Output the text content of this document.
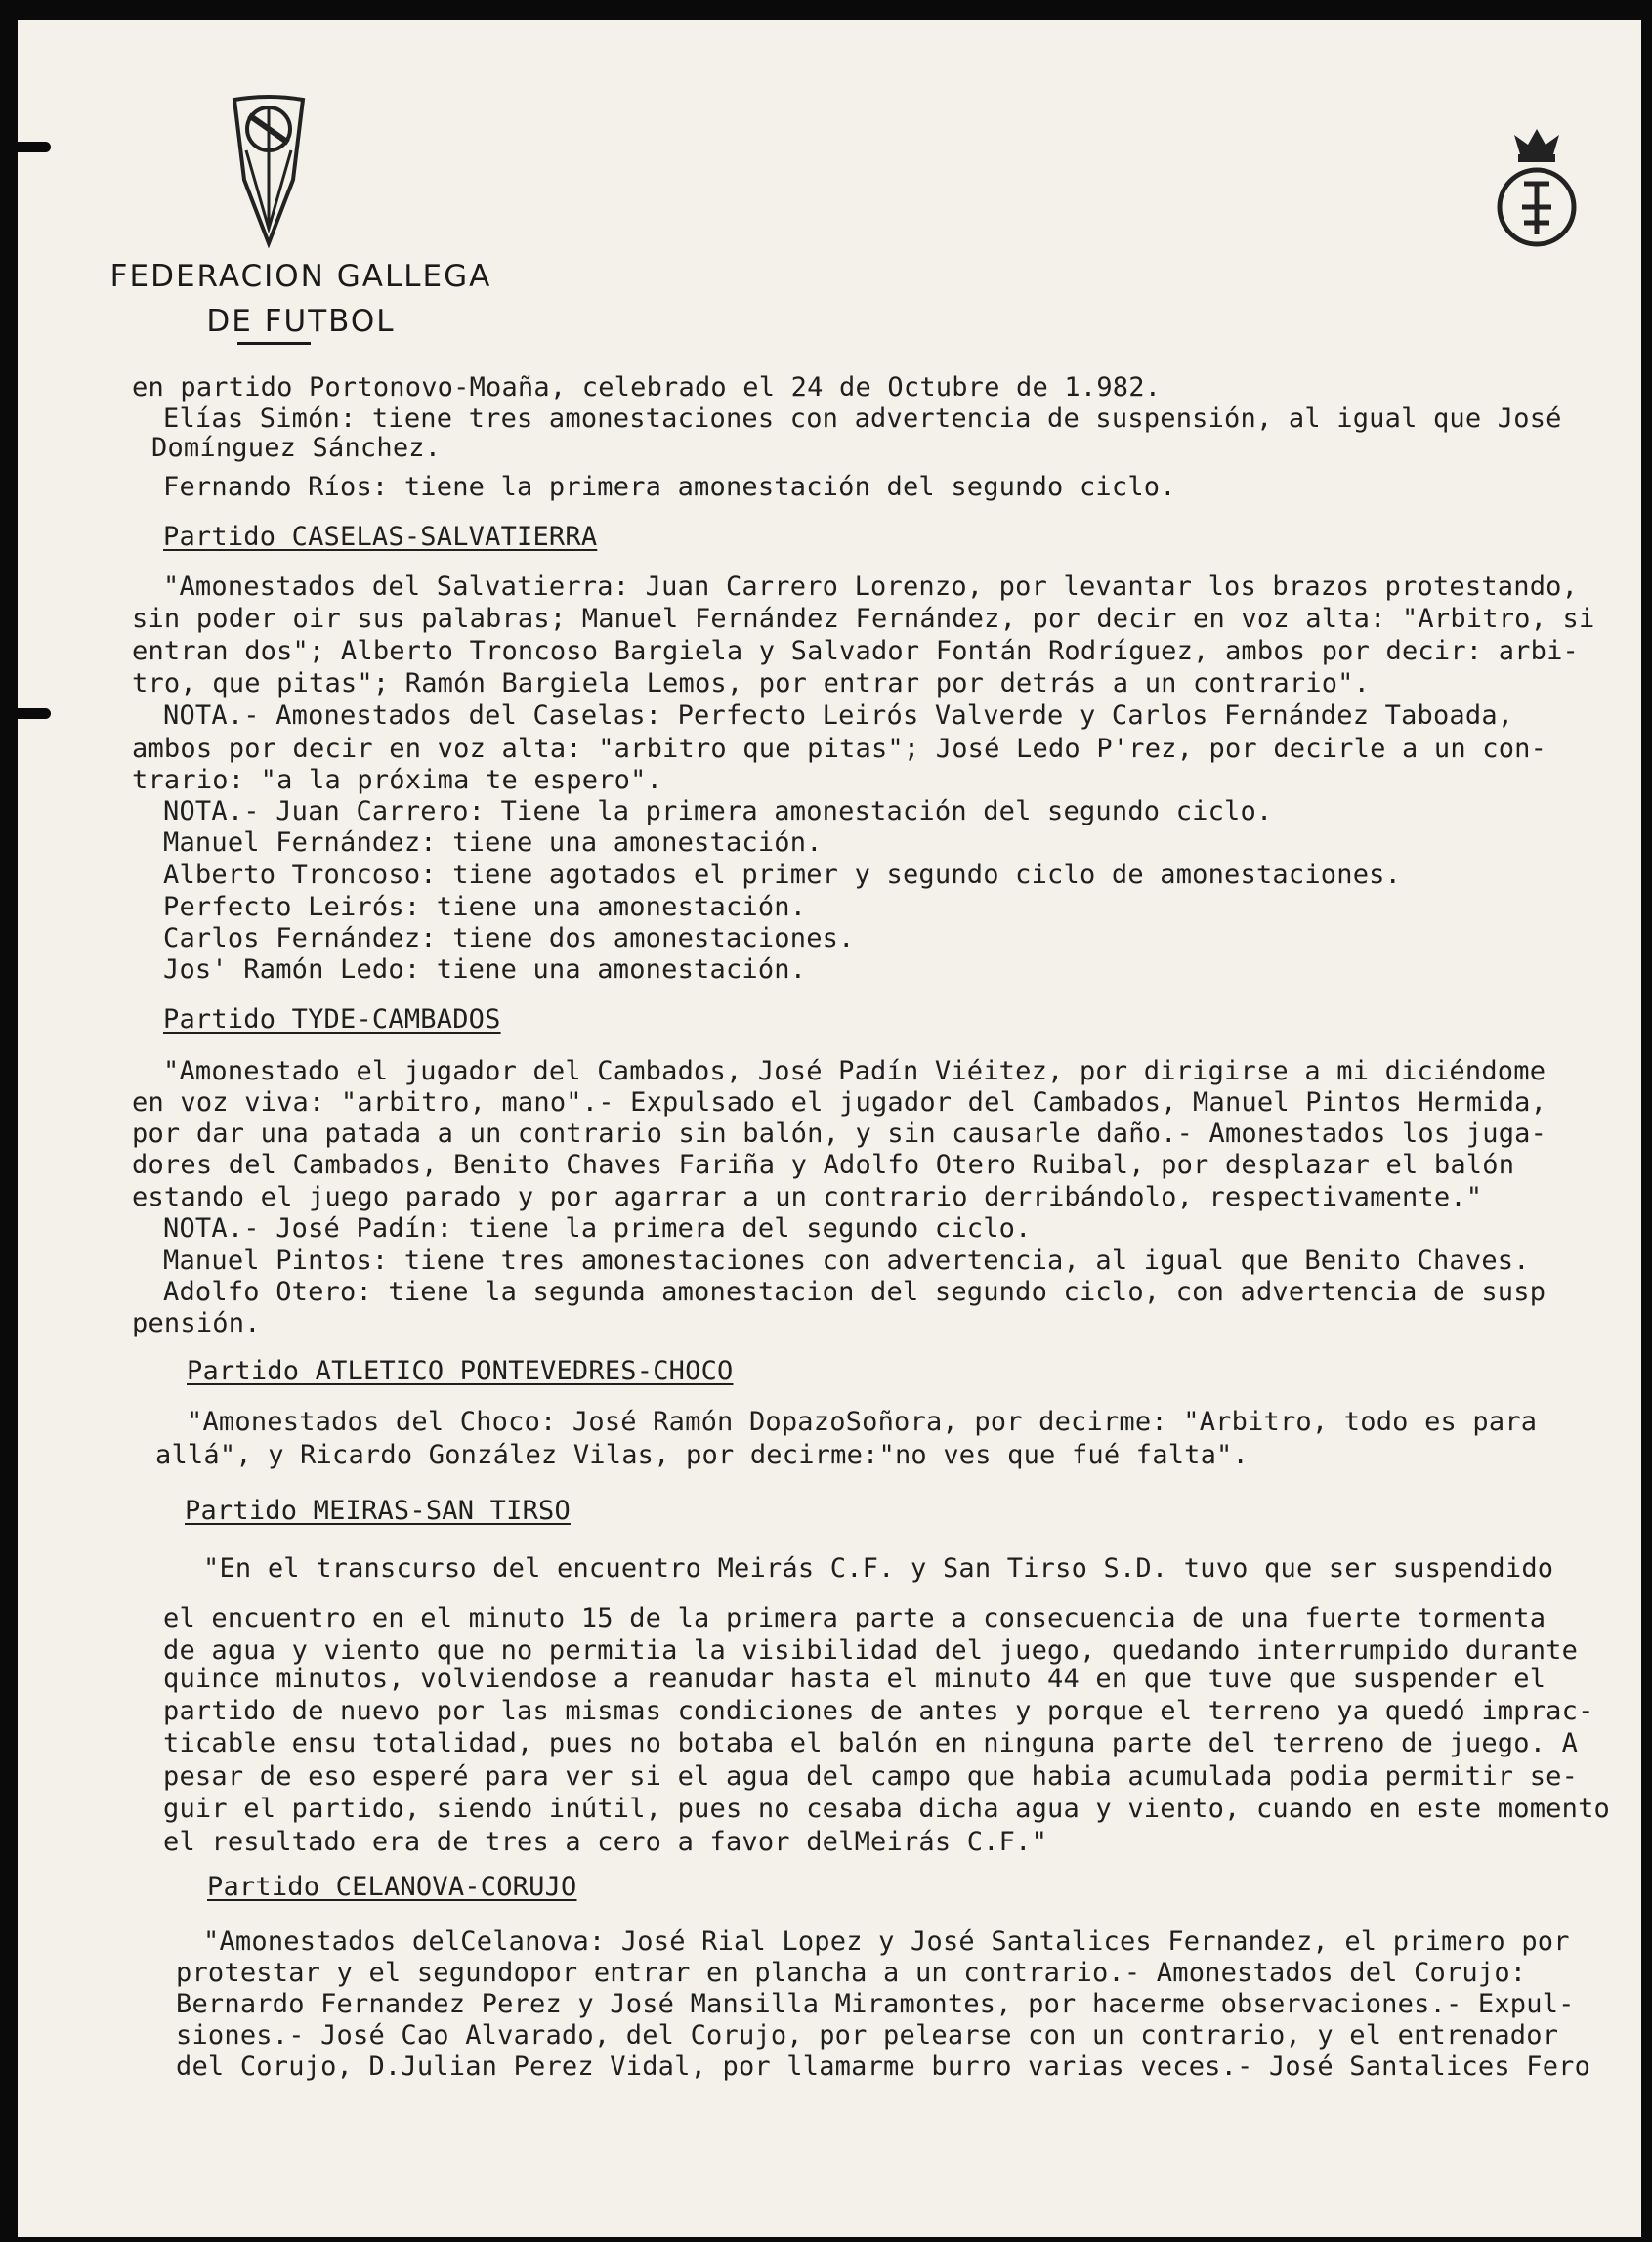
FEDERACION GALLEGA
DE FUTBOL
en partido Portonovo-Moaña, celebrado el 24 de Octubre de 1.982.
Elías Simón: tiene tres amonestaciones con advertencia de suspensión, al igual que José
Domínguez Sánchez.
Fernando Ríos: tiene la primera amonestación del segundo ciclo.
Partido CASELAS-SALVATIERRA
"Amonestados del Salvatierra: Juan Carrero Lorenzo, por levantar los brazos protestando,
sin poder oir sus palabras; Manuel Fernández Fernández, por decir en voz alta: "Arbitro, si
entran dos"; Alberto Troncoso Bargiela y Salvador Fontán Rodríguez, ambos por decir: arbi-
tro, que pitas"; Ramón Bargiela Lemos, por entrar por detrás a un contrario".
NOTA.- Amonestados del Caselas: Perfecto Leirós Valverde y Carlos Fernández Taboada,
ambos por decir en voz alta: "arbitro que pitas"; José Ledo P'rez, por decirle a un con-
trario: "a la próxima te espero".
NOTA.- Juan Carrero: Tiene la primera amonestación del segundo ciclo.
Manuel Fernández: tiene una amonestación.
Alberto Troncoso: tiene agotados el primer y segundo ciclo de amonestaciones.
Perfecto Leirós: tiene una amonestación.
Carlos Fernández: tiene dos amonestaciones.
Jos' Ramón Ledo: tiene una amonestación.
Partido TYDE-CAMBADOS
"Amonestado el jugador del Cambados, José Padín Viéitez, por dirigirse a mi diciéndome
en voz viva: "arbitro, mano".- Expulsado el jugador del Cambados, Manuel Pintos Hermida,
por dar una patada a un contrario sin balón, y sin causarle daño.- Amonestados los juga-
dores del Cambados, Benito Chaves Fariña y Adolfo Otero Ruibal, por desplazar el balón
estando el juego parado y por agarrar a un contrario derribándolo, respectivamente."
NOTA.- José Padín: tiene la primera del segundo ciclo.
Manuel Pintos: tiene tres amonestaciones con advertencia, al igual que Benito Chaves.
Adolfo Otero: tiene la segunda amonestacion del segundo ciclo, con advertencia de susp
pensión.
Partido ATLETICO PONTEVEDRES-CHOCO
"Amonestados del Choco: José Ramón DopazoSoñora, por decirme: "Arbitro, todo es para
allá", y Ricardo González Vilas, por decirme:"no ves que fué falta".
Partido MEIRAS-SAN TIRSO
"En el transcurso del encuentro Meirás C.F. y San Tirso S.D. tuvo que ser suspendido
el encuentro en el minuto 15 de la primera parte a consecuencia de una fuerte tormenta
de agua y viento que no permitia la visibilidad del juego, quedando interrumpido durante
quince minutos, volviendose a reanudar hasta el minuto 44 en que tuve que suspender el
partido de nuevo por las mismas condiciones de antes y porque el terreno ya quedó imprac-
ticable ensu totalidad, pues no botaba el balón en ninguna parte del terreno de juego. A
pesar de eso esperé para ver si el agua del campo que habia acumulada podia permitir se-
guir el partido, siendo inútil, pues no cesaba dicha agua y viento, cuando en este momento
el resultado era de tres a cero a favor delMeirás C.F."
Partido CELANOVA-CORUJO
"Amonestados delCelanova: José Rial Lopez y José Santalices Fernandez, el primero por
protestar y el segundopor entrar en plancha a un contrario.- Amonestados del Corujo:
Bernardo Fernandez Perez y José Mansilla Miramontes, por hacerme observaciones.- Expul-
siones.- José Cao Alvarado, del Corujo, por pelearse con un contrario, y el entrenador
del Corujo, D.Julian Perez Vidal, por llamarme burro varias veces.- José Santalices Fero
